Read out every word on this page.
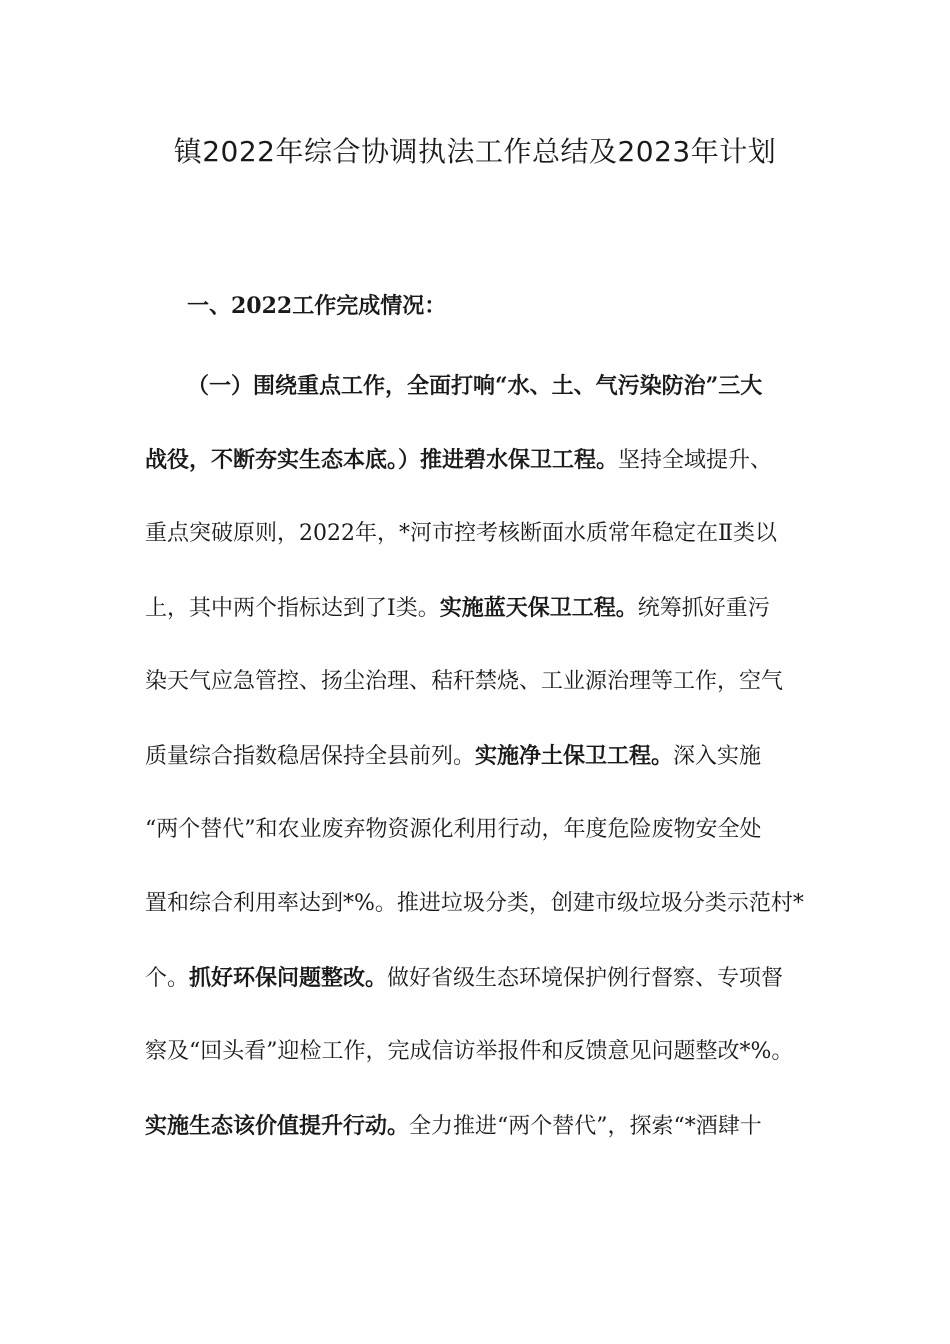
镇2022年综合协调执法工作总结及2023年计划
一、2022工作完成情况：
（一）围绕重点工作，全面打响“水、土、气污染防治”三大
战役，不断夯实生态本底。）推进碧水保卫工程。坚持全域提升、
重点突破原则，2022年，*河市控考核断面水质常年稳定在Ⅱ类以
上，其中两个指标达到了Ⅰ类。实施蓝天保卫工程。统筹抓好重污
染天气应急管控、扬尘治理、秸秆禁烧、工业源治理等工作，空气
质量综合指数稳居保持全县前列。实施净土保卫工程。深入实施
“两个替代”和农业废弃物资源化利用行动，年度危险废物安全处
置和综合利用率达到*%。推进垃圾分类，创建市级垃圾分类示范村*
个。抓好环保问题整改。做好省级生态环境保护例行督察、专项督
察及“回头看”迎检工作，完成信访举报件和反馈意见问题整改*%。
实施生态该价值提升行动。全力推进“两个替代”，探索“*酒肆十
